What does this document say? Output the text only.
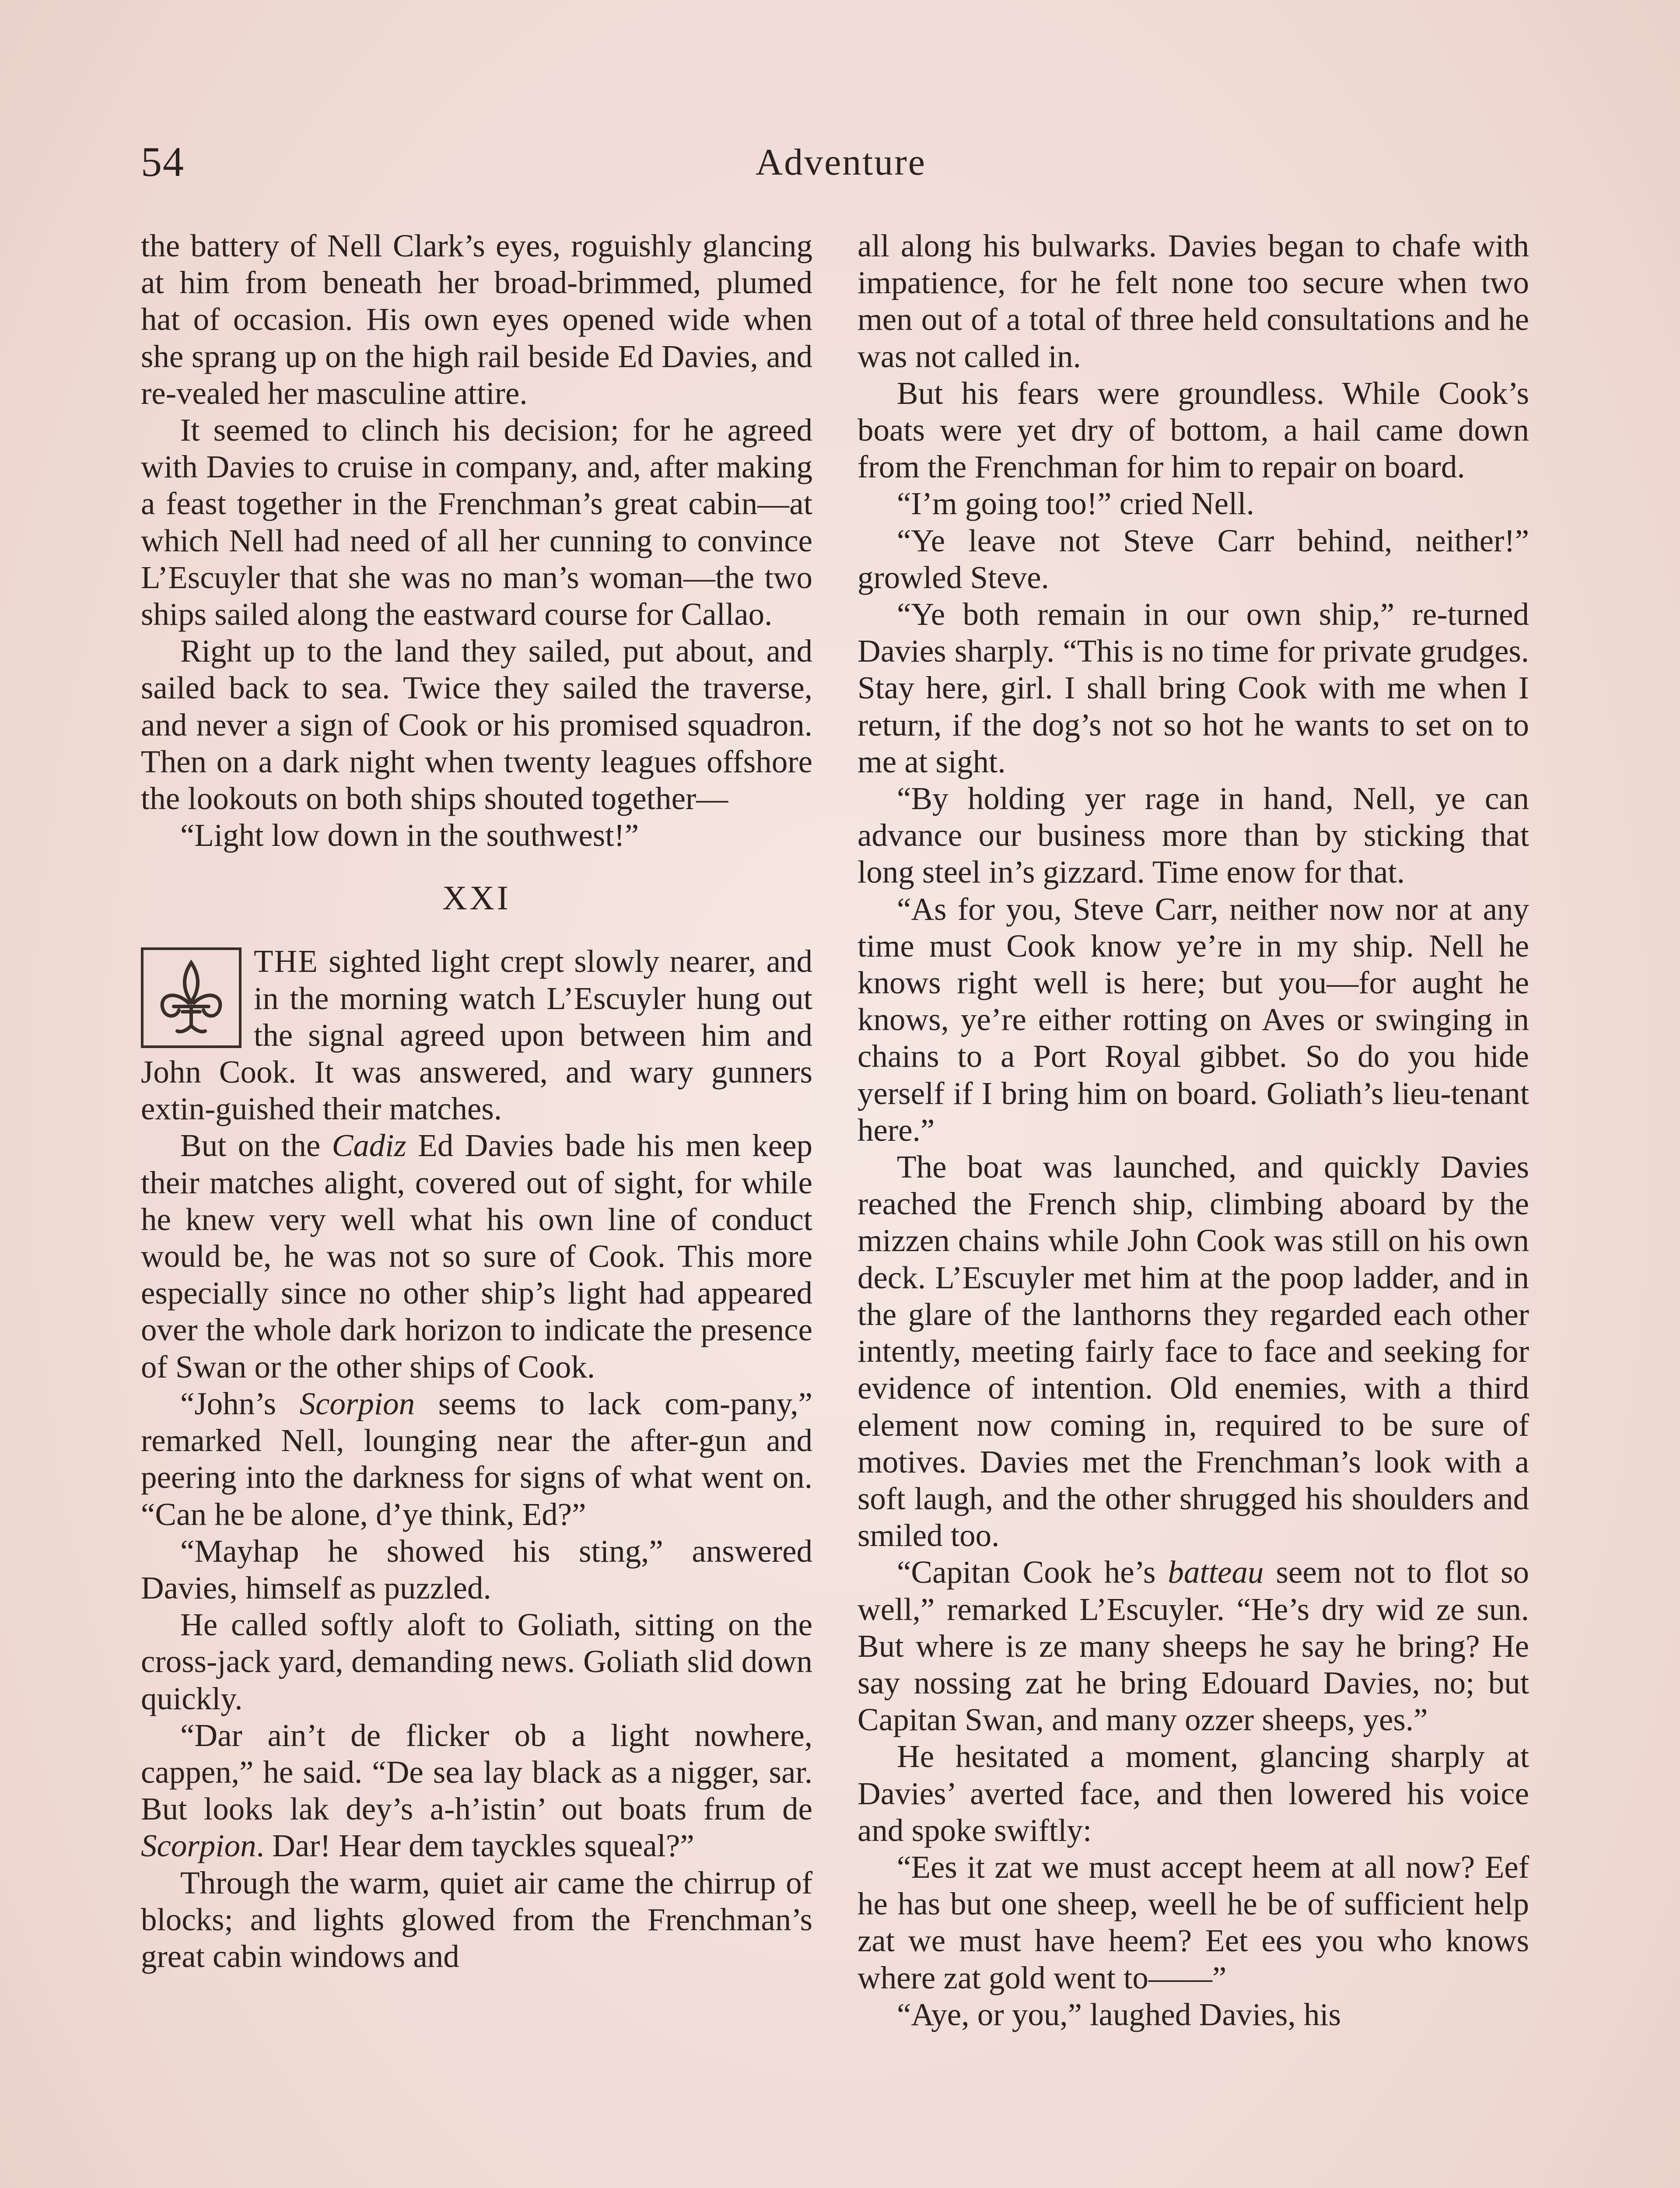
54	Adventure

the battery of Nell Clark’s eyes, roguishly glancing at him from beneath her broad-brimmed, plumed hat of occasion. His own eyes opened wide when she sprang up on the high rail beside Ed Davies, and re-vealed her masculine attire.

It seemed to clinch his decision; for he agreed with Davies to cruise in company, and, after making a feast together in the Frenchman’s great cabin—at which Nell had need of all her cunning to convince L’Escuyler that she was no man’s woman—the two ships sailed along the eastward course for Callao.

Right up to the land they sailed, put about, and sailed back to sea. Twice they sailed the traverse, and never a sign of Cook or his promised squadron. Then on a dark night when twenty leagues offshore the lookouts on both ships shouted together—

“Light low down in the southwest!”

XXI

THE sighted light crept slowly nearer, and in the morning watch L’Escuyler hung out the signal agreed upon between him and John Cook. It was answered, and wary gunners extin-guished their matches.

But on the Cadiz Ed Davies bade his men keep their matches alight, covered out of sight, for while he knew very well what his own line of conduct would be, he was not so sure of Cook. This more especially since no other ship’s light had appeared over the whole dark horizon to indicate the presence of Swan or the other ships of Cook.

“John’s Scorpion seems to lack com-pany,” remarked Nell, lounging near the after-gun and peering into the darkness for signs of what went on. “Can he be alone, d’ye think, Ed?”

“Mayhap he showed his sting,” answered Davies, himself as puzzled.

He called softly aloft to Goliath, sitting on the cross-jack yard, demanding news. Goliath slid down quickly.

“Dar ain’t de flicker ob a light nowhere, cappen,” he said. “De sea lay black as a nigger, sar. But looks lak dey’s a-h’istin’ out boats frum de Scorpion. Dar! Hear dem tayckles squeal?”

Through the warm, quiet air came the chirrup of blocks; and lights glowed from the Frenchman’s great cabin windows and

all along his bulwarks. Davies began to chafe with impatience, for he felt none too secure when two men out of a total of three held consultations and he was not called in.

But his fears were groundless. While Cook’s boats were yet dry of bottom, a hail came down from the Frenchman for him to repair on board.

“I’m going too!” cried Nell.

“Ye leave not Steve Carr behind, neither!” growled Steve.

“Ye both remain in our own ship,” re-turned Davies sharply. “This is no time for private grudges. Stay here, girl. I shall bring Cook with me when I return, if the dog’s not so hot he wants to set on to me at sight.

“By holding yer rage in hand, Nell, ye can advance our business more than by sticking that long steel in’s gizzard. Time enow for that.

“As for you, Steve Carr, neither now nor at any time must Cook know ye’re in my ship. Nell he knows right well is here; but you—for aught he knows, ye’re either rotting on Aves or swinging in chains to a Port Royal gibbet. So do you hide yerself if I bring him on board. Goliath’s lieu-tenant here.”

The boat was launched, and quickly Davies reached the French ship, climbing aboard by the mizzen chains while John Cook was still on his own deck. L’Escuyler met him at the poop ladder, and in the glare of the lanthorns they regarded each other intently, meeting fairly face to face and seeking for evidence of intention. Old enemies, with a third element now coming in, required to be sure of motives. Davies met the Frenchman’s look with a soft laugh, and the other shrugged his shoulders and smiled too.

“Capitan Cook he’s batteau seem not to flot so well,” remarked L’Escuyler. “He’s dry wid ze sun. But where is ze many sheeps he say he bring? He say nossing zat he bring Edouard Davies, no; but Capitan Swan, and many ozzer sheeps, yes.”

He hesitated a moment, glancing sharply at Davies’ averted face, and then lowered his voice and spoke swiftly:

“Ees it zat we must accept heem at all now? Eef he has but one sheep, weell he be of sufficient help zat we must have heem? Eet ees you who knows where zat gold went to——”

“Aye, or you,” laughed Davies, his
